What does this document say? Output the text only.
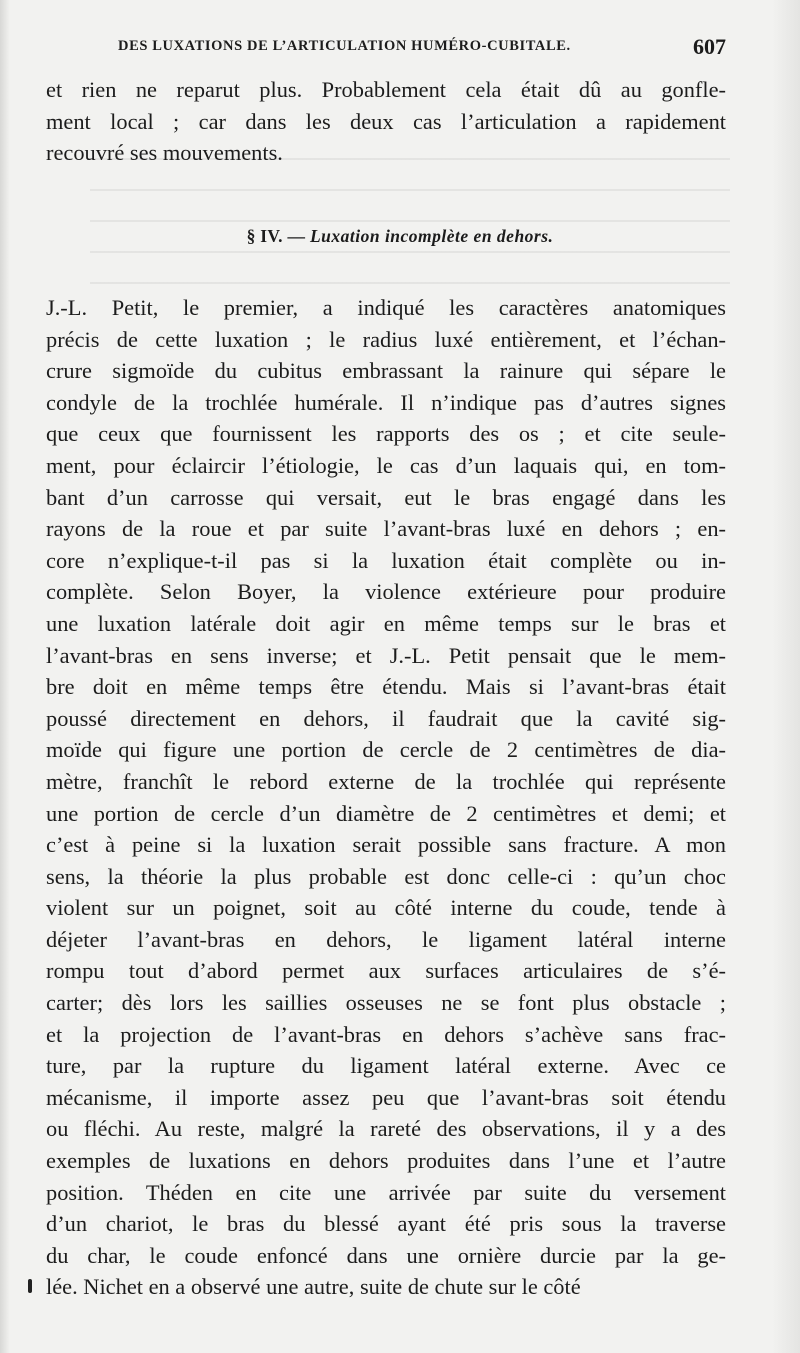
DES LUXATIONS DE L’ARTICULATION HUMÉRO-CUBITALE.	607
et rien ne reparut plus. Probablement cela était dû au gonfle-
ment local ; car dans les deux cas l’articulation a rapidement
recouvré ses mouvements.
§ IV. — Luxation incomplète en dehors.
J.-L. Petit, le premier, a indiqué les caractères anatomiques
précis de cette luxation ; le radius luxé entièrement, et l’échan-
crure sigmoïde du cubitus embrassant la rainure qui sépare le
condyle de la trochlée humérale. Il n’indique pas d’autres signes
que ceux que fournissent les rapports des os ; et cite seule-
ment, pour éclaircir l’étiologie, le cas d’un laquais qui, en tom-
bant d’un carrosse qui versait, eut le bras engagé dans les
rayons de la roue et par suite l’avant-bras luxé en dehors ; en-
core n’explique-t-il pas si la luxation était complète ou in-
complète. Selon Boyer, la violence extérieure pour produire
une luxation latérale doit agir en même temps sur le bras et
l’avant-bras en sens inverse; et J.-L. Petit pensait que le mem-
bre doit en même temps être étendu. Mais si l’avant-bras était
poussé directement en dehors, il faudrait que la cavité sig-
moïde qui figure une portion de cercle de 2 centimètres de dia-
mètre, franchît le rebord externe de la trochlée qui représente
une portion de cercle d’un diamètre de 2 centimètres et demi; et
c’est à peine si la luxation serait possible sans fracture. A mon
sens, la théorie la plus probable est donc celle-ci : qu’un choc
violent sur un poignet, soit au côté interne du coude, tende à
déjeter l’avant-bras en dehors, le ligament latéral interne
rompu tout d’abord permet aux surfaces articulaires de s’é-
carter; dès lors les saillies osseuses ne se font plus obstacle ;
et la projection de l’avant-bras en dehors s’achève sans frac-
ture, par la rupture du ligament latéral externe. Avec ce
mécanisme, il importe assez peu que l’avant-bras soit étendu
ou fléchi. Au reste, malgré la rareté des observations, il y a des
exemples de luxations en dehors produites dans l’une et l’autre
position. Théden en cite une arrivée par suite du versement
d’un chariot, le bras du blessé ayant été pris sous la traverse
du char, le coude enfoncé dans une ornière durcie par la ge-
lée. Nichet en a observé une autre, suite de chute sur le côté
